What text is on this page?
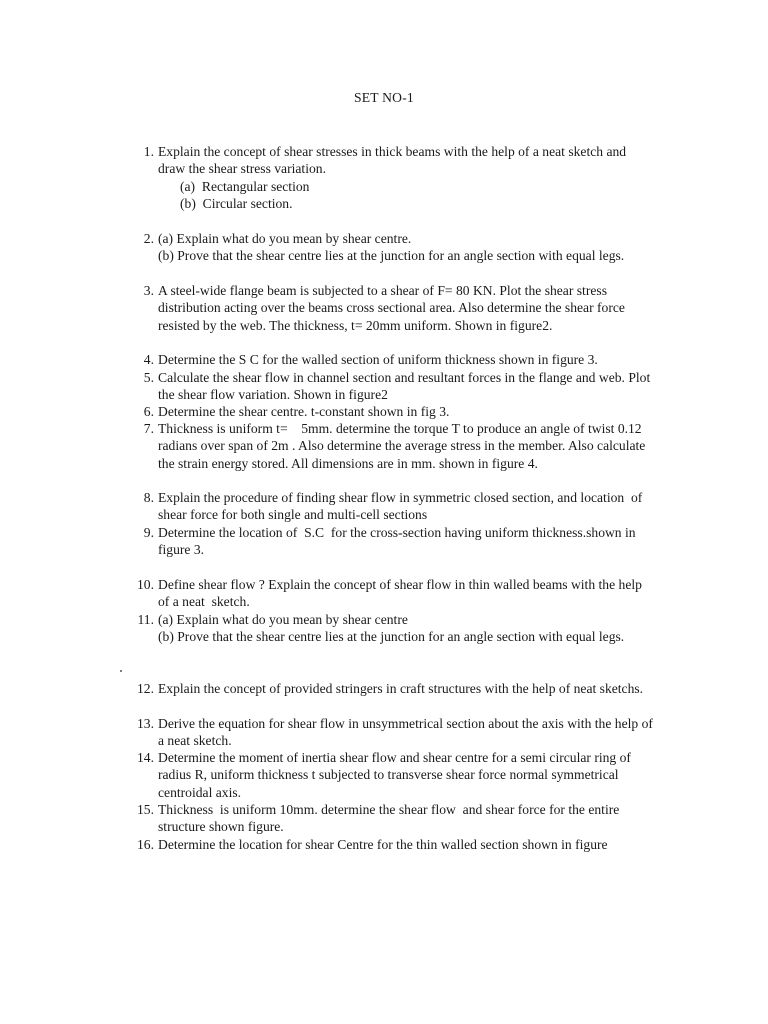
SET NO-1
1. Explain the concept of shear stresses in thick beams with the help of a neat sketch and draw the shear stress variation.
(a)  Rectangular section
(b)  Circular section.
2. (a) Explain what do you mean by shear centre.
(b) Prove that the shear centre lies at the junction for an angle section with equal legs.
3. A steel-wide flange beam is subjected to a shear of F= 80 KN. Plot the shear stress distribution acting over the beams cross sectional area. Also determine the shear force resisted by the web. The thickness, t= 20mm uniform. Shown in figure2.
4. Determine the S C for the walled section of uniform thickness shown in figure 3.
5. Calculate the shear flow in channel section and resultant forces in the flange and web. Plot the shear flow variation. Shown in figure2
6. Determine the shear centre. t-constant shown in fig 3.
7. Thickness is uniform t=    5mm. determine the torque T to produce an angle of twist 0.12 radians over span of 2m . Also determine the average stress in the member. Also calculate the strain energy stored. All dimensions are in mm. shown in figure 4.
8. Explain the procedure of finding shear flow in symmetric closed section, and location  of shear force for both single and multi-cell sections
9. Determine the location of  S.C  for the cross-section having uniform thickness.shown in figure 3.
10. Define shear flow ? Explain the concept of shear flow in thin walled beams with the help of a neat  sketch.
11. (a) Explain what do you mean by shear centre
(b) Prove that the shear centre lies at the junction for an angle section with equal legs.
12. Explain the concept of provided stringers in craft structures with the help of neat sketchs.
13. Derive the equation for shear flow in unsymmetrical section about the axis with the help of a neat sketch.
14. Determine the moment of inertia shear flow and shear centre for a semi circular ring of radius R, uniform thickness t subjected to transverse shear force normal symmetrical centroidal axis.
15. Thickness  is uniform 10mm. determine the shear flow  and shear force for the entire structure shown figure.
16. Determine the location for shear Centre for the thin walled section shown in figure
